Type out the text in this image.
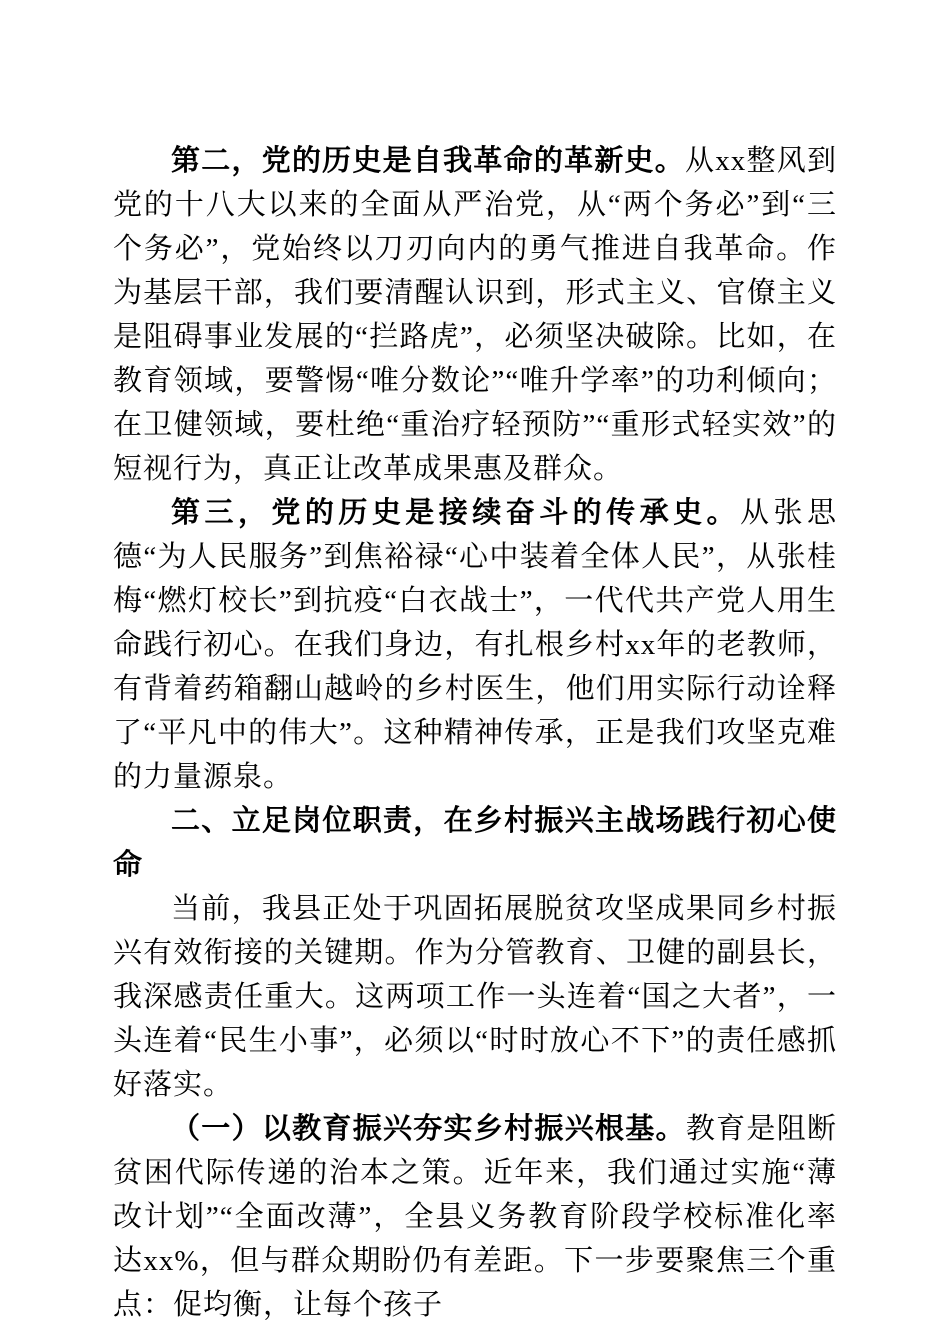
第二，党的历史是自我革命的革新史。从xx整风到党的十八大以来的全面从严治党，从“两个务必”到“三个务必”，党始终以刀刃向内的勇气推进自我革命。作为基层干部，我们要清醒认识到，形式主义、官僚主义是阻碍事业发展的“拦路虎”，必须坚决破除。比如，在教育领域，要警惕“唯分数论”“唯升学率”的功利倾向；在卫健领域，要杜绝“重治疗轻预防”“重形式轻实效”的短视行为，真正让改革成果惠及群众。

第三，党的历史是接续奋斗的传承史。从张思德“为人民服务”到焦裕禄“心中装着全体人民”，从张桂梅“燃灯校长”到抗疫“白衣战士”，一代代共产党人用生命践行初心。在我们身边，有扎根乡村xx年的老教师，有背着药箱翻山越岭的乡村医生，他们用实际行动诠释了“平凡中的伟大”。这种精神传承，正是我们攻坚克难的力量源泉。

二、立足岗位职责，在乡村振兴主战场践行初心使命

当前，我县正处于巩固拓展脱贫攻坚成果同乡村振兴有效衔接的关键期。作为分管教育、卫健的副县长，我深感责任重大。这两项工作一头连着“国之大者”，一头连着“民生小事”，必须以“时时放心不下”的责任感抓好落实。

（一）以教育振兴夯实乡村振兴根基。教育是阻断贫困代际传递的治本之策。近年来，我们通过实施“薄改计划”“全面改薄”，全县义务教育阶段学校标准化率达xx%，但与群众期盼仍有差距。下一步要聚焦三个重点：促均衡，让每个孩子
